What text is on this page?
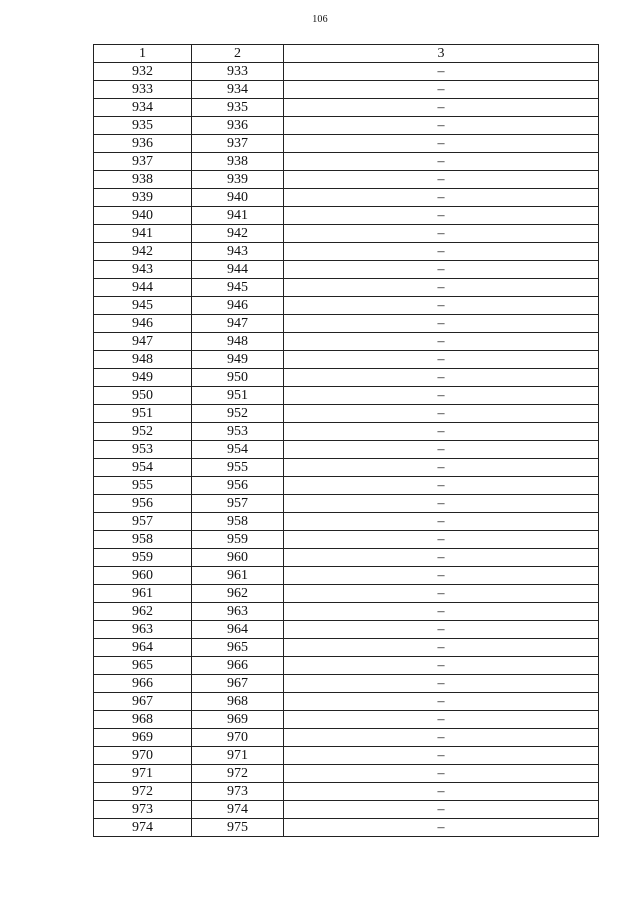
106
1	2	3
932	933	–
933	934	–
934	935	–
935	936	–
936	937	–
937	938	–
938	939	–
939	940	–
940	941	–
941	942	–
942	943	–
943	944	–
944	945	–
945	946	–
946	947	–
947	948	–
948	949	–
949	950	–
950	951	–
951	952	–
952	953	–
953	954	–
954	955	–
955	956	–
956	957	–
957	958	–
958	959	–
959	960	–
960	961	–
961	962	–
962	963	–
963	964	–
964	965	–
965	966	–
966	967	–
967	968	–
968	969	–
969	970	–
970	971	–
971	972	–
972	973	–
973	974	–
974	975	–
